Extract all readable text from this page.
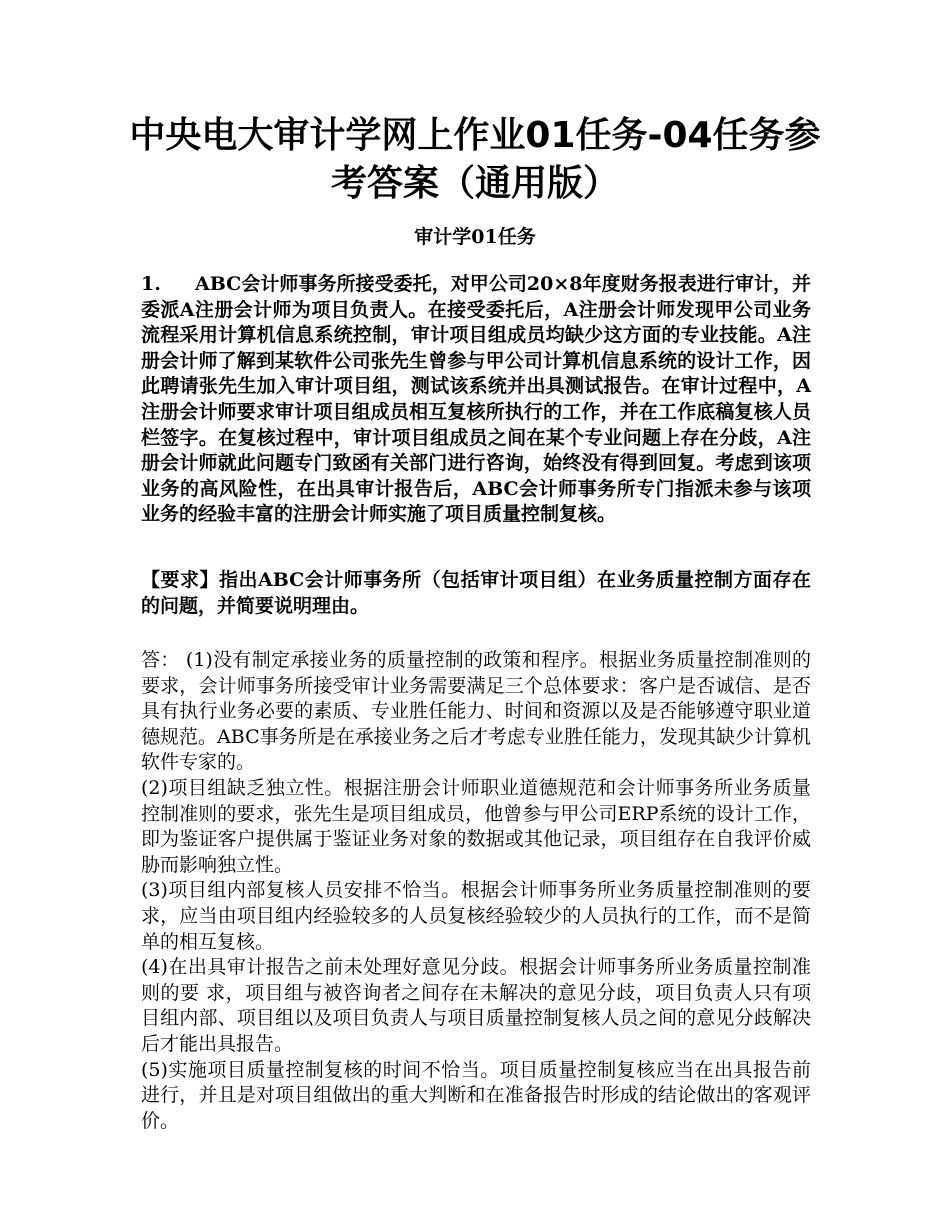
中央电大审计学网上作业01任务-04任务参考答案（通用版）
审计学01任务
1. ABC会计师事务所接受委托，对甲公司20×8年度财务报表进行审计，并委派A注册会计师为项目负责人。在接受委托后，A注册会计师发现甲公司业务流程采用计算机信息系统控制，审计项目组成员均缺少这方面的专业技能。A注册会计师了解到某软件公司张先生曾参与甲公司计算机信息系统的设计工作，因此聘请张先生加入审计项目组，测试该系统并出具测试报告。在审计过程中，A注册会计师要求审计项目组成员相互复核所执行的工作，并在工作底稿复核人员栏签字。在复核过程中，审计项目组成员之间在某个专业问题上存在分歧，A注册会计师就此问题专门致函有关部门进行咨询，始终没有得到回复。考虑到该项业务的高风险性，在出具审计报告后，ABC会计师事务所专门指派未参与该项业务的经验丰富的注册会计师实施了项目质量控制复核。
【要求】指出ABC会计师事务所（包括审计项目组）在业务质量控制方面存在的问题，并简要说明理由。

答： (1)没有制定承接业务的质量控制的政策和程序。根据业务质量控制准则的要求，会计师事务所接受审计业务需要满足三个总体要求：客户是否诚信、是否具有执行业务必要的素质、专业胜任能力、时间和资源以及是否能够遵守职业道德规范。ABC事务所是在承接业务之后才考虑专业胜任能力，发现其缺少计算机软件专家的。

(2)项目组缺乏独立性。根据注册会计师职业道德规范和会计师事务所业务质量控制准则的要求，张先生是项目组成员，他曾参与甲公司ERP系统的设计工作，即为鉴证客户提供属于鉴证业务对象的数据或其他记录，项目组存在自我评价威胁而影响独立性。

(3)项目组内部复核人员安排不恰当。根据会计师事务所业务质量控制准则的要求，应当由项目组内经验较多的人员复核经验较少的人员执行的工作，而不是简单的相互复核。

(4)在出具审计报告之前未处理好意见分歧。根据会计师事务所业务质量控制准则的要 求，项目组与被咨询者之间存在未解决的意见分歧，项目负责人只有项目组内部、项目组以及项目负责人与项目质量控制复核人员之间的意见分歧解决后才能出具报告。

(5)实施项目质量控制复核的时间不恰当。项目质量控制复核应当在出具报告前进行，并且是对项目组做出的重大判断和在准备报告时形成的结论做出的客观评价。
